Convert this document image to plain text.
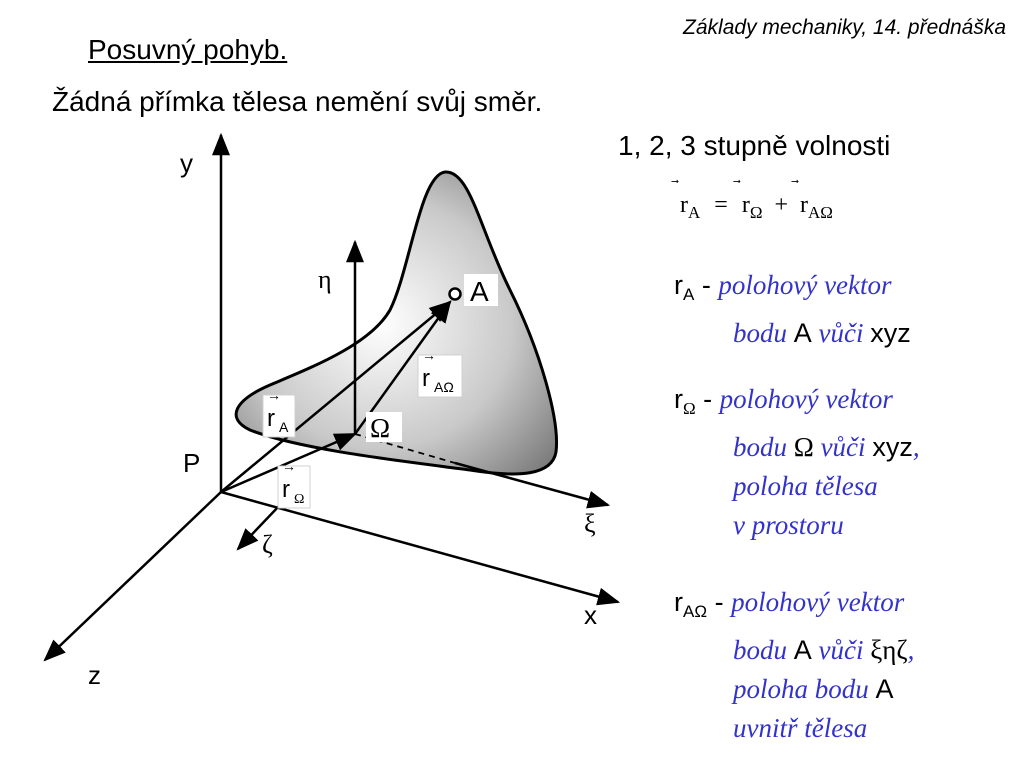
Základy mechaniky, 14. přednáška
Posuvný pohyb.
Žádná přímka tělesa nemění svůj směr.
1, 2, 3 stupně volnosti
r
$_A$ = r
$_\Omega$ + r
$_{A\Omega}$
$r_A$ - polohový vektor
bodu A vůči xyz
$r_\Omega$ - polohový vektor
bodu Ω vůči xyz,
poloha tělesa
v prostoru
$r_{A\Omega}$ - polohový vektor
bodu A vůči ξηζ,
poloha bodu A
uvnitř tělesa
A
Ω
→
r A
→
r Ω
→
r AΩ
y
x
z
P
ξ
η
ζ
